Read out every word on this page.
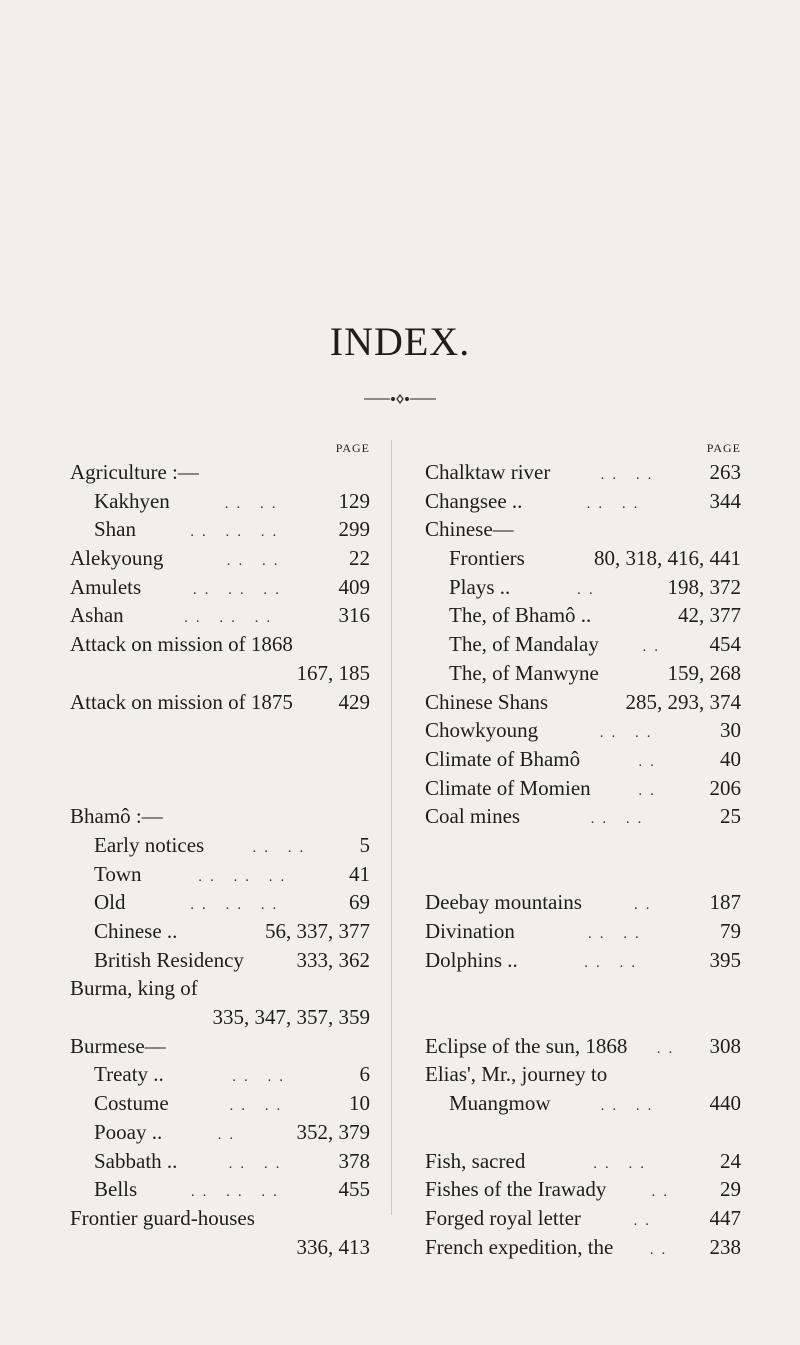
INDEX.
PAGE
Agriculture :—
Kakhyen	.. ..	129
Shan	.. .. ..	299
Alekyoung	.. ..	22
Amulets	.. .. ..	409
Ashan	.. .. ..	316
Attack on mission of 1868
167, 185
Attack on mission of 1875 429
Bhamô :—
Early notices	.. ..	5
Town	.. .. ..	41
Old	.. .. ..	69
Chinese ..	56, 337, 377
British Residency	333, 362
Burma, king of
335, 347, 357, 359
Burmese—
Treaty ..	.. ..	6
Costume	.. ..	10
Pooay ..	..	352, 379
Sabbath ..	.. ..	378
Bells	.. .. ..	455
Frontier guard-houses
336, 413
PAGE
Chalktaw river	.. ..	263
Changsee ..	.. ..	344
Chinese—
Frontiers	80, 318, 416, 441
Plays ..	..	198, 372
The, of Bhamô ..	42, 377
The, of Mandalay	..	454
The, of Manwyne	159, 268
Chinese Shans	285, 293, 374
Chowkyoung	.. ..	30
Climate of Bhamô	..	40
Climate of Momien	..	206
Coal mines	.. ..	25
Deebay mountains	..	187
Divination	.. ..	79
Dolphins ..	.. ..	395
Eclipse of the sun, 1868	..	308
Elias', Mr., journey to
Muangmow	.. ..	440
Fish, sacred	.. ..	24
Fishes of the Irawady	..	29
Forged royal letter	..	447
French expedition, the	..	238
